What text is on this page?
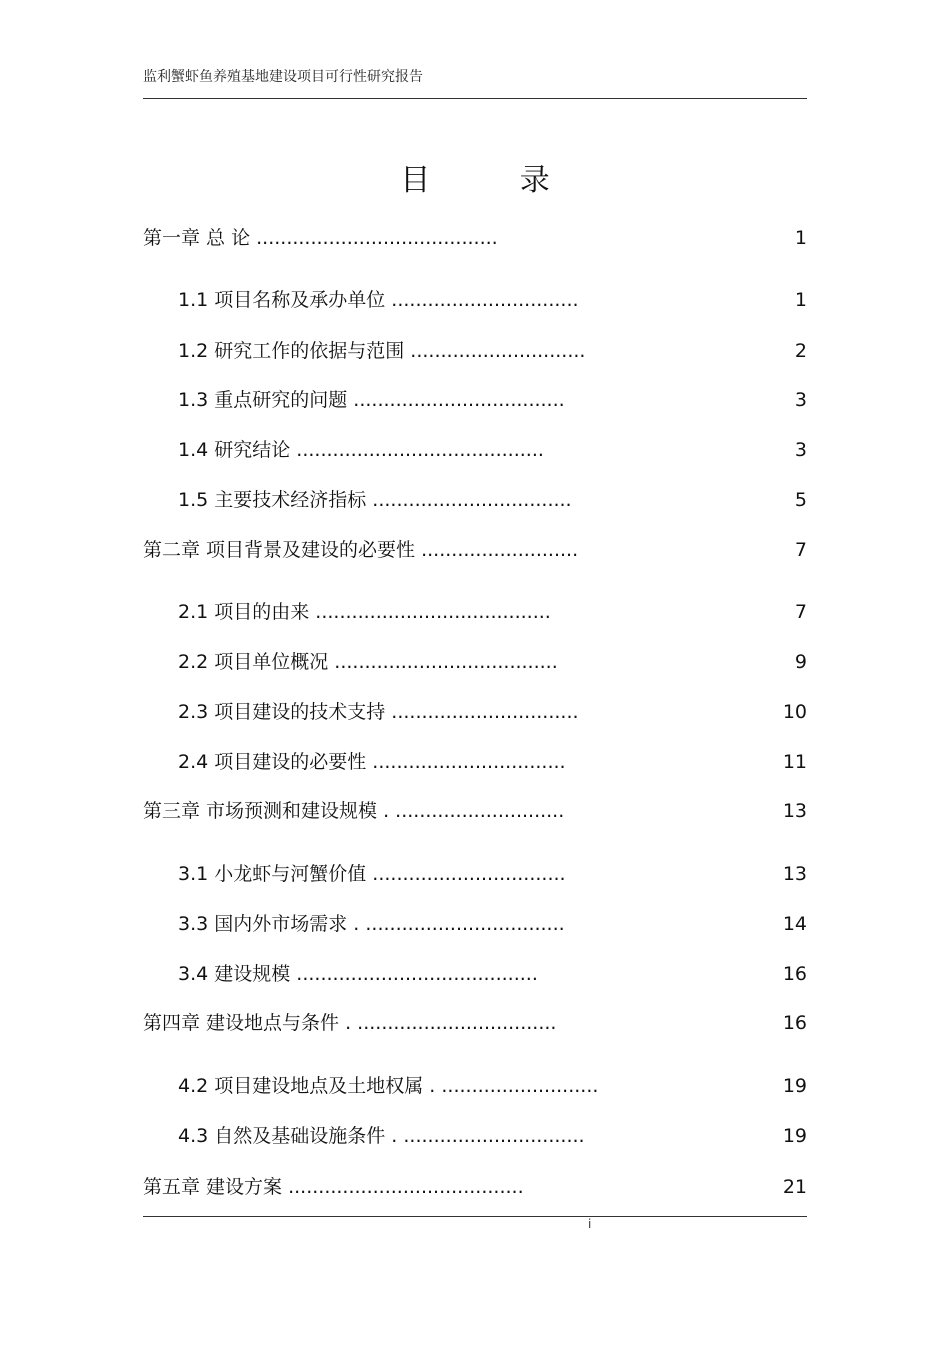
监利蟹虾鱼养殖基地建设项目可行性研究报告
目 录
第一章 总 论 ........................................	1
1.1 项目名称及承办单位 ...............................	1
1.2 研究工作的依据与范围 .............................	2
1.3 重点研究的问题 ...................................	3
1.4 研究结论 .........................................	3
1.5 主要技术经济指标 .................................	5
第二章 项目背景及建设的必要性 ..........................	7
2.1 项目的由来 .......................................	7
2.2 项目单位概况 .....................................	9
2.3 项目建设的技术支持 ...............................	10
2.4 项目建设的必要性 ................................	11
第三章 市场预测和建设规模 . ............................	13
3.1 小龙虾与河蟹价值 ................................	13
3.3 国内外市场需求 . .................................	14
3.4 建设规模 ........................................	16
第四章 建设地点与条件 . .................................	16
4.2 项目建设地点及土地权属 . ..........................	19
4.3 自然及基础设施条件 . ..............................	19
第五章 建设方案 .......................................	21
i
